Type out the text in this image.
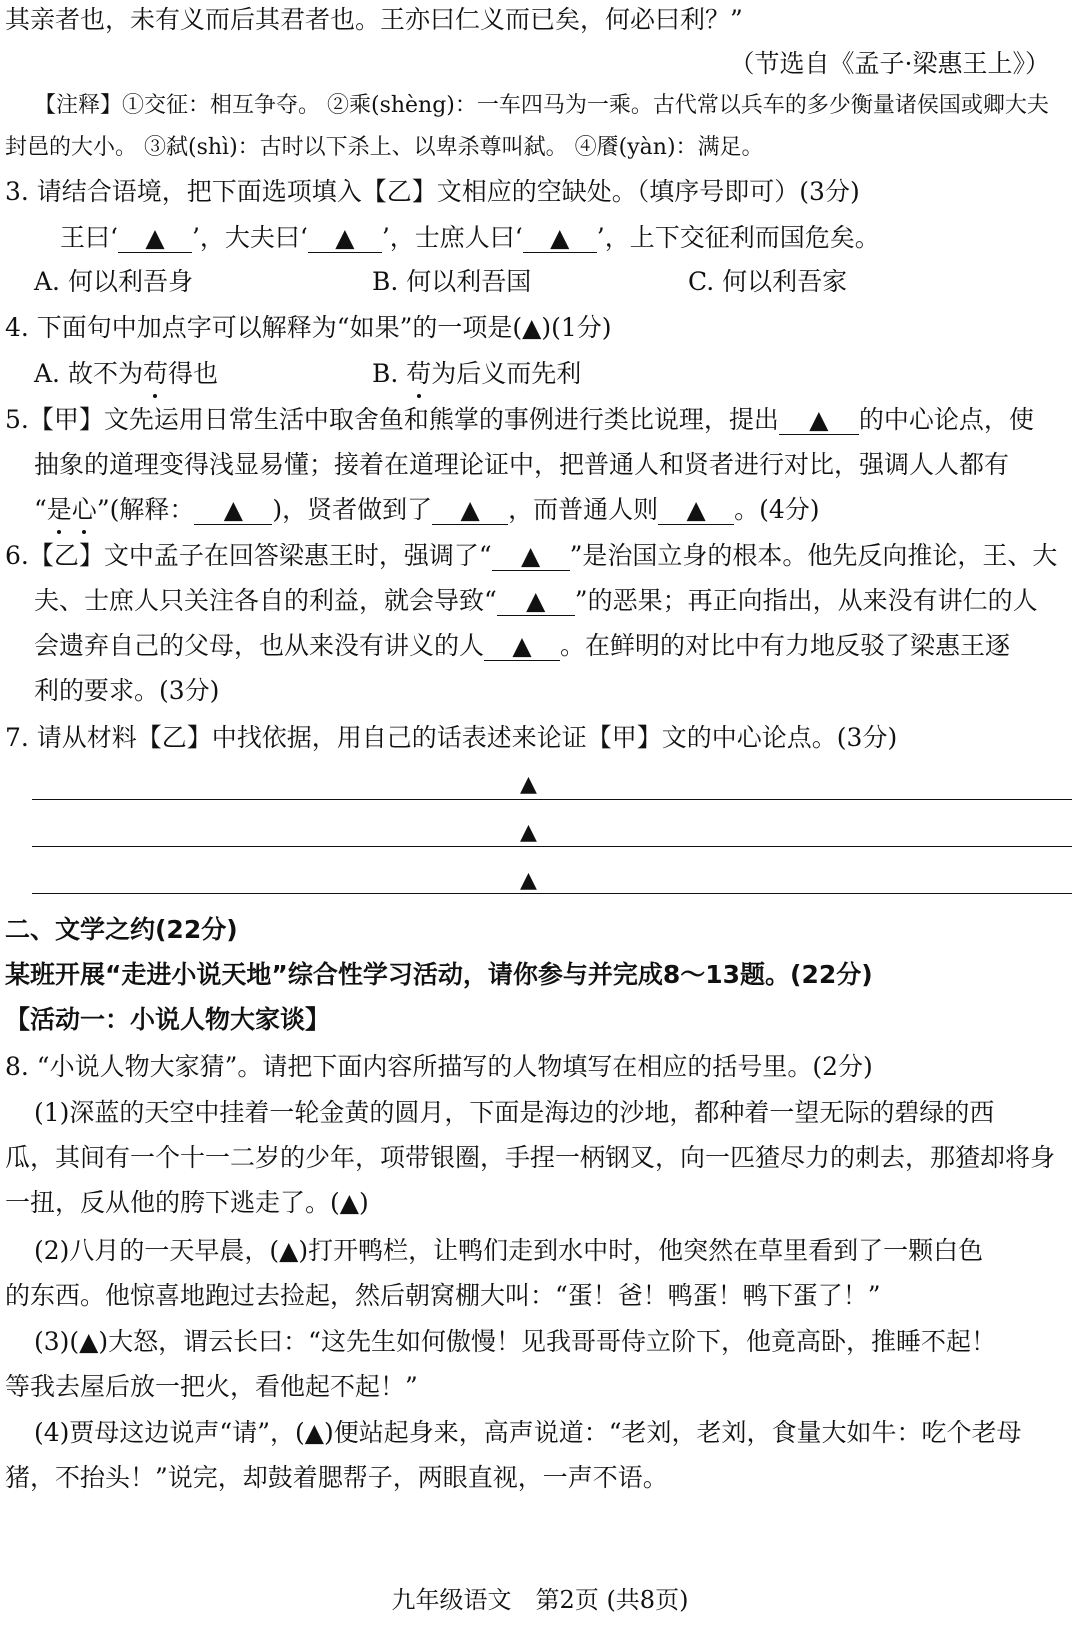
其亲者也，未有义而后其君者也。王亦曰仁义而已矣，何必曰利？”
（节选自《孟子·梁惠王上》）
【注释】①交征：相互争夺。 ②乘(shèng)：一车四马为一乘。古代常以兵车的多少衡量诸侯国或卿大夫
封邑的大小。 ③弑(shì)：古时以下杀上、以卑杀尊叫弑。 ④餍(yàn)：满足。
3. 请结合语境，把下面选项填入【乙】文相应的空缺处。（填序号即可）(3分)
王曰‘ ▲ ’，大夫曰‘ ▲ ’，士庶人曰‘ ▲ ’，上下交征利而国危矣。
A. 何以利吾身	B. 何以利吾国	C. 何以利吾家
4. 下面句中加点字可以解释为“如果”的一项是(▲)(1分)
A. 故不为苟得也	B. 苟为后义而先利
5.【甲】文先运用日常生活中取舍鱼和熊掌的事例进行类比说理，提出 ▲ 的中心论点，使
抽象的道理变得浅显易懂；接着在道理论证中，把普通人和贤者进行对比，强调人人都有
“是心”(解释： ▲ )，贤者做到了 ▲ ，而普通人则 ▲ 。(4分)
6.【乙】文中孟子在回答梁惠王时，强调了“ ▲ ”是治国立身的根本。他先反向推论，王、大
夫、士庶人只关注各自的利益，就会导致“ ▲ ”的恶果；再正向指出，从来没有讲仁的人
会遗弃自己的父母，也从来没有讲义的人 ▲ 。在鲜明的对比中有力地反驳了梁惠王逐
利的要求。(3分)
7. 请从材料【乙】中找依据，用自己的话表述来论证【甲】文的中心论点。(3分)
▲
▲
▲
二、文学之约(22分)
某班开展“走进小说天地”综合性学习活动，请你参与并完成8～13题。(22分)
【活动一：小说人物大家谈】
8. “小说人物大家猜”。请把下面内容所描写的人物填写在相应的括号里。(2分)
(1)深蓝的天空中挂着一轮金黄的圆月，下面是海边的沙地，都种着一望无际的碧绿的西
瓜，其间有一个十一二岁的少年，项带银圈，手捏一柄钢叉，向一匹猹尽力的刺去，那猹却将身
一扭，反从他的胯下逃走了。(▲)
(2)八月的一天早晨，(▲)打开鸭栏，让鸭们走到水中时，他突然在草里看到了一颗白色
的东西。他惊喜地跑过去捡起，然后朝窝棚大叫：“蛋！爸！鸭蛋！鸭下蛋了！”
(3)(▲)大怒，谓云长曰：“这先生如何傲慢！见我哥哥侍立阶下，他竟高卧，推睡不起！
等我去屋后放一把火，看他起不起！”
(4)贾母这边说声“请”，(▲)便站起身来，高声说道：“老刘，老刘，食量大如牛：吃个老母
猪，不抬头！”说完，却鼓着腮帮子，两眼直视，一声不语。
九年级语文 第2页 (共8页)
